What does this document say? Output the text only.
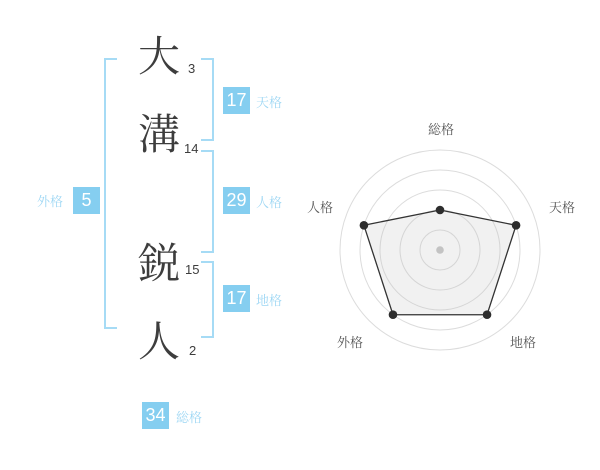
外格	5
大 3
溝 14
鋭 15
人 2
17 天格
29 人格
17 地格
34 総格
総格
天格
地格
外格
人格
